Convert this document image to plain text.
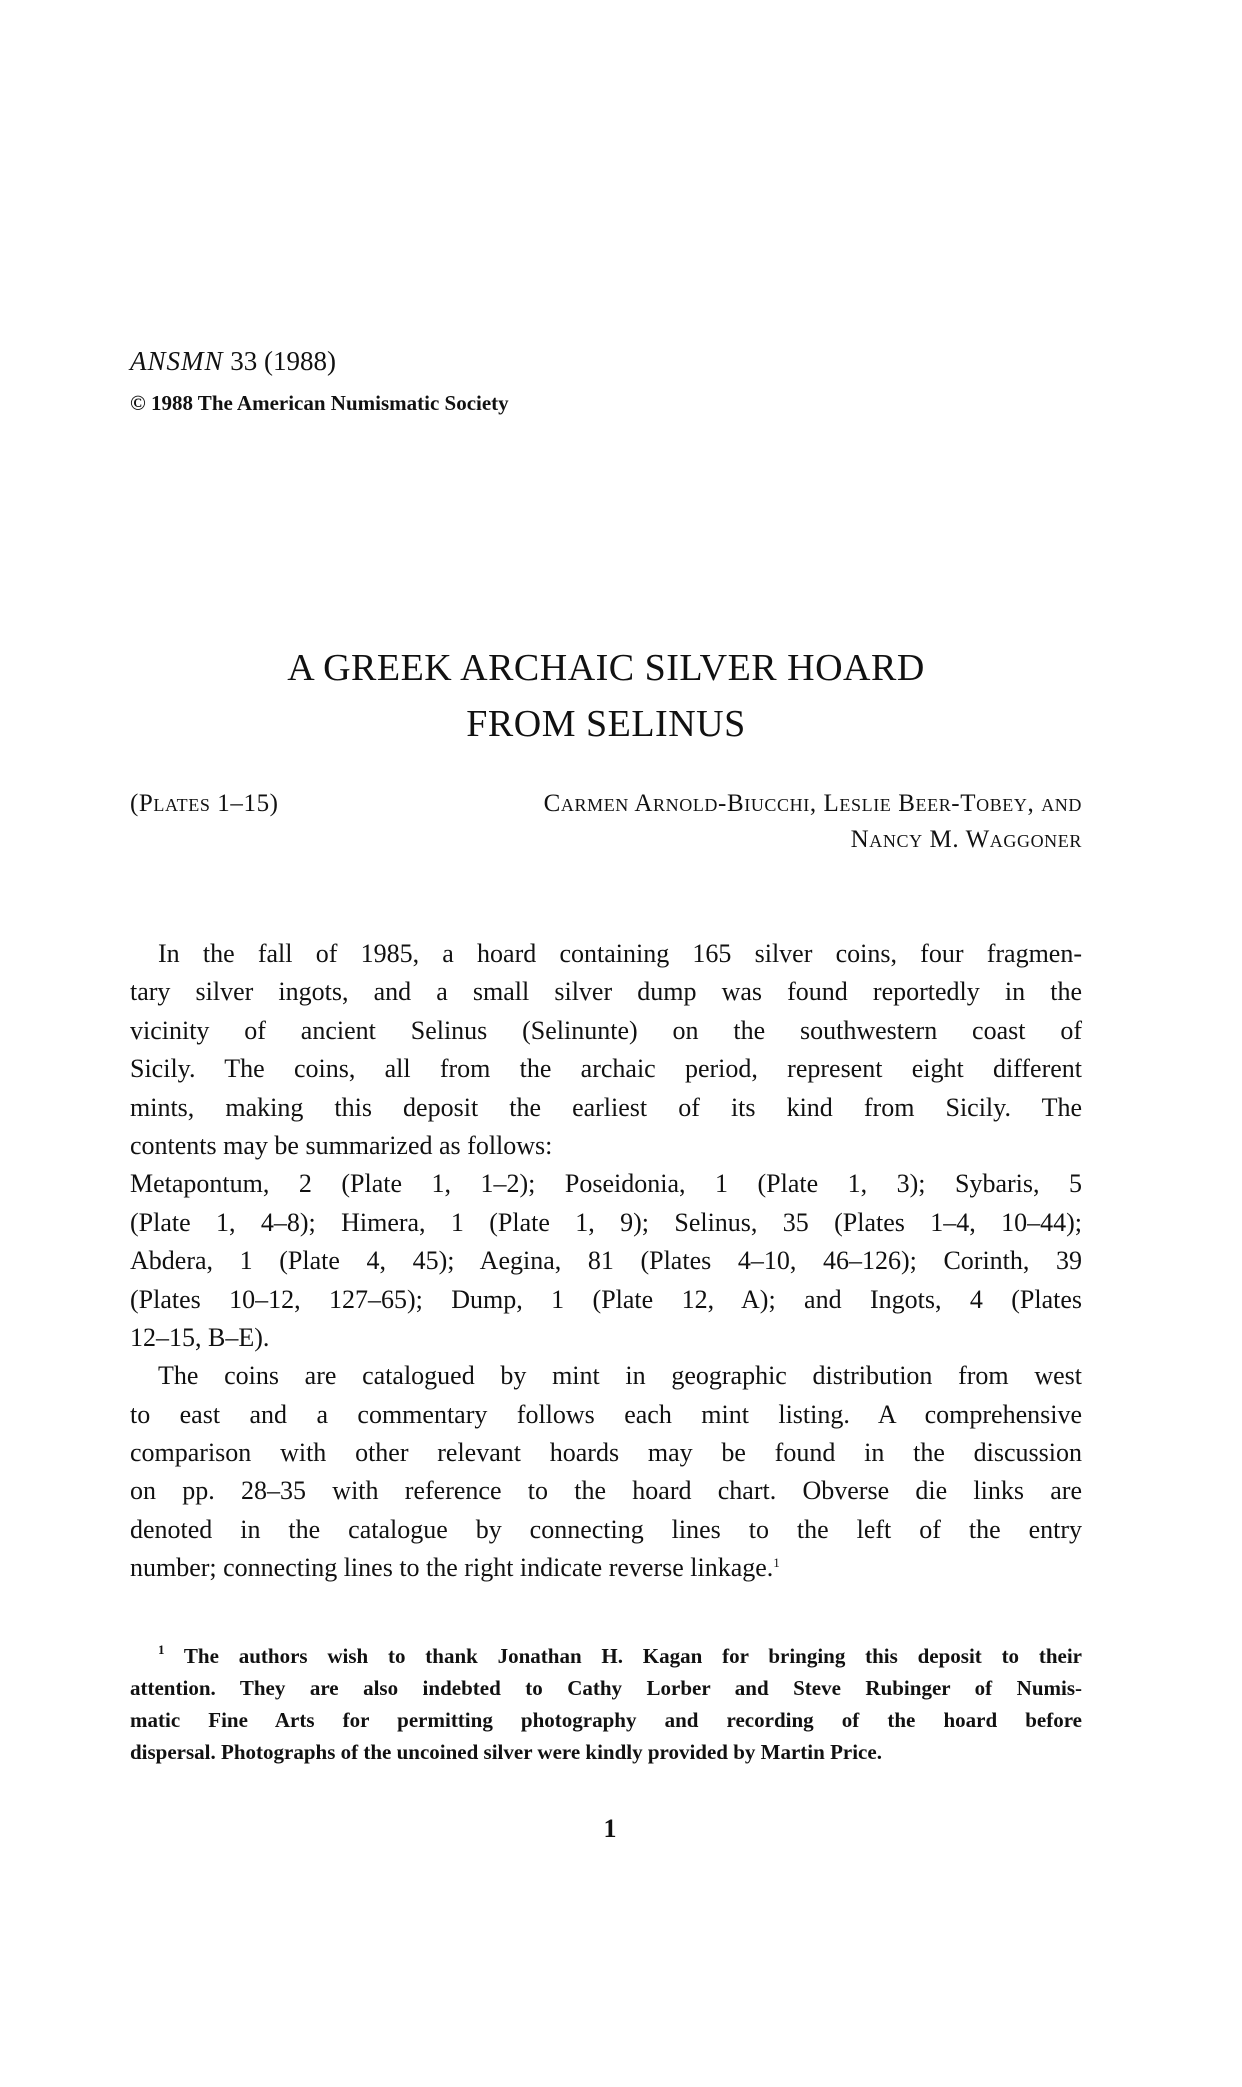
ANSMN 33 (1988)
© 1988 The American Numismatic Society
A GREEK ARCHAIC SILVER HOARD
FROM SELINUS
(Plates 1–15)	Carmen Arnold-Biucchi, Leslie Beer-Tobey, and
Nancy M. Waggoner
In the fall of 1985, a hoard containing 165 silver coins, four fragmen-
tary silver ingots, and a small silver dump was found reportedly in the
vicinity of ancient Selinus (Selinunte) on the southwestern coast of
Sicily. The coins, all from the archaic period, represent eight different
mints, making this deposit the earliest of its kind from Sicily. The
contents may be summarized as follows:
Metapontum, 2 (Plate 1, 1–2); Poseidonia, 1 (Plate 1, 3); Sybaris, 5
(Plate 1, 4–8); Himera, 1 (Plate 1, 9); Selinus, 35 (Plates 1–4, 10–44);
Abdera, 1 (Plate 4, 45); Aegina, 81 (Plates 4–10, 46–126); Corinth, 39
(Plates 10–12, 127–65); Dump, 1 (Plate 12, A); and Ingots, 4 (Plates
12–15, B–E).
The coins are catalogued by mint in geographic distribution from west
to east and a commentary follows each mint listing. A comprehensive
comparison with other relevant hoards may be found in the discussion
on pp. 28–35 with reference to the hoard chart. Obverse die links are
denoted in the catalogue by connecting lines to the left of the entry
number; connecting lines to the right indicate reverse linkage.$^1$
$^1$ The authors wish to thank Jonathan H. Kagan for bringing this deposit to their
attention. They are also indebted to Cathy Lorber and Steve Rubinger of Numis-
matic Fine Arts for permitting photography and recording of the hoard before
dispersal. Photographs of the uncoined silver were kindly provided by Martin Price.
1
